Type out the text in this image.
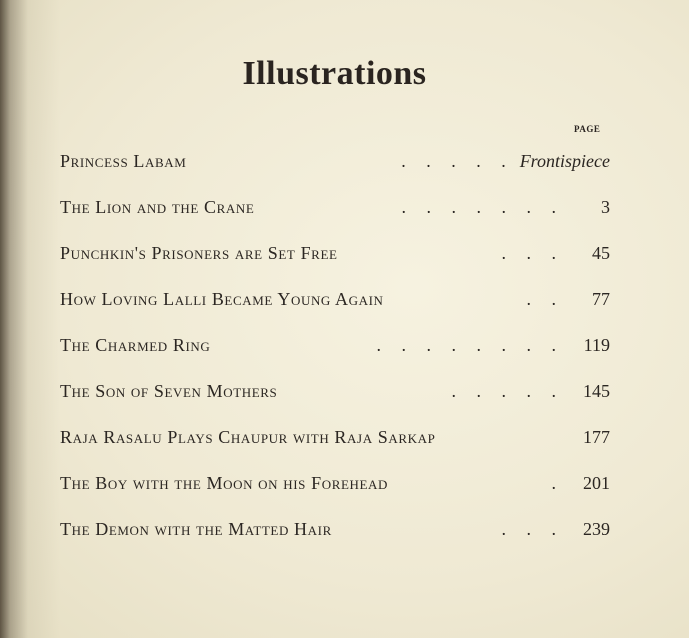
Illustrations
PAGE
Princess Labam	. . . . . Frontispiece
The Lion and the Crane	. . . . . . .	3
Punchkin's Prisoners are Set Free	. . .	45
How Loving Lalli Became Young Again	. .	77
The Charmed Ring	. . . . . . . .	119
The Son of Seven Mothers	. . . . .	145
Raja Rasalu Plays Chaupur with Raja Sarkap	177
The Boy with the Moon on his Forehead	.	201
The Demon with the Matted Hair	. . .	239
